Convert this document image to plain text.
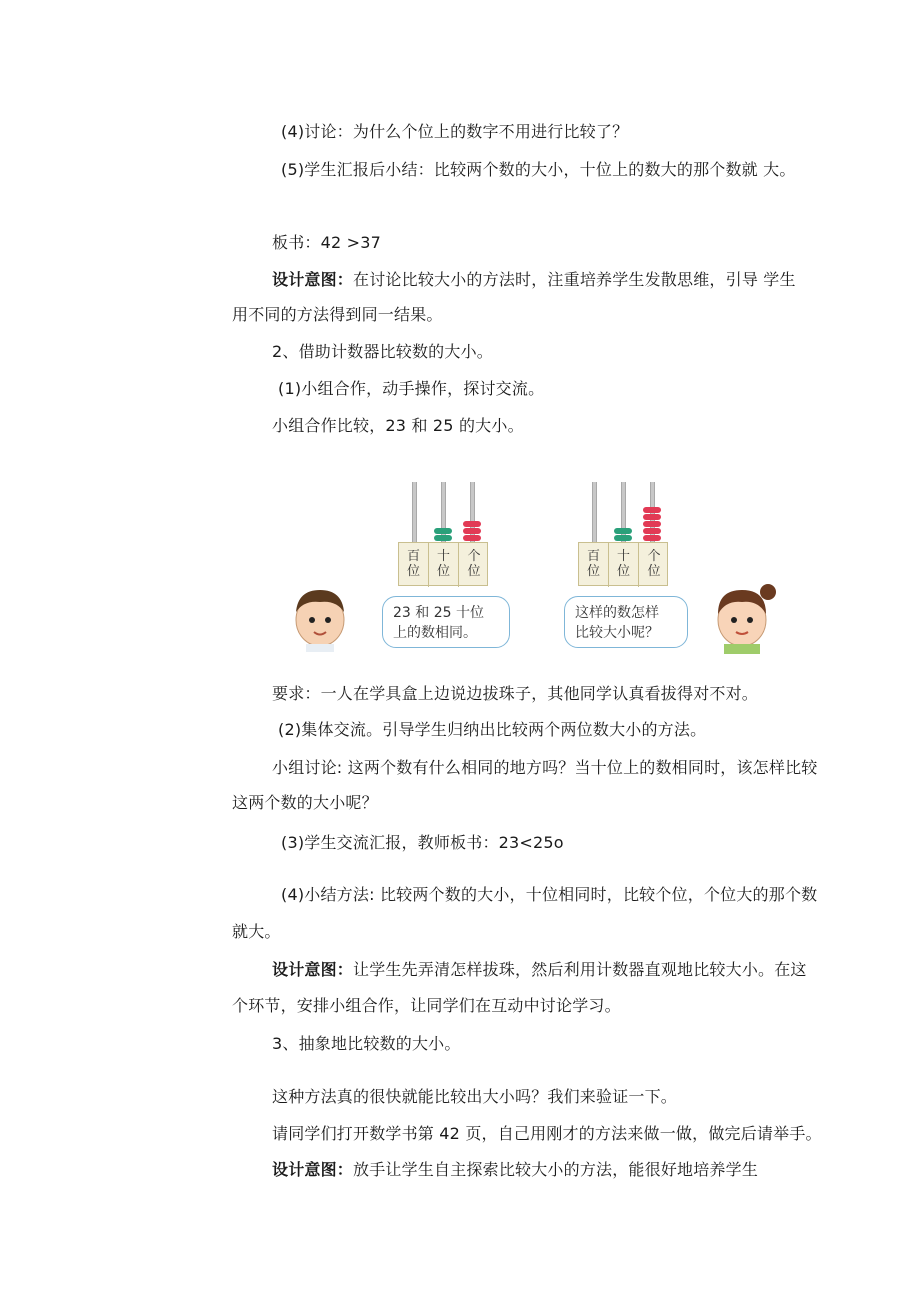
(4)讨论：为什么个位上的数字不用进行比较了？
(5)学生汇报后小结：比较两个数的大小，十位上的数大的那个数就 大。
板书：42 >37
设计意图：在讨论比较大小的方法时，注重培养学生发散思维，引导 学生
用不同的方法得到同一结果。
2、借助计数器比较数的大小。
(1)小组合作，动手操作，探讨交流。
小组合作比较，23 和 25 的大小。
百
位
十
位
个
位
百
位
十
位
个
位
23 和 25 十位
上的数相同。
这样的数怎样
比较大小呢？
要求：一人在学具盒上边说边拔珠子，其他同学认真看拔得对不对。
(2)集体交流。引导学生归纳出比较两个两位数大小的方法。
小组讨论: 这两个数有什么相同的地方吗？当十位上的数相同时，该怎样比较
这两个数的大小呢？
(3)学生交流汇报，教师板书：23<25o
(4)小结方法: 比较两个数的大小，十位相同时，比较个位，个位大的那个数
就大。
设计意图：让学生先弄清怎样拔珠，然后利用计数器直观地比较大小。在这
个环节，安排小组合作，让同学们在互动中讨论学习。
3、抽象地比较数的大小。
这种方法真的很快就能比较出大小吗？我们来验证一下。
请同学们打开数学书第 42 页，自己用刚才的方法来做一做，做完后请举手。
设计意图：放手让学生自主探索比较大小的方法，能很好地培养学生
